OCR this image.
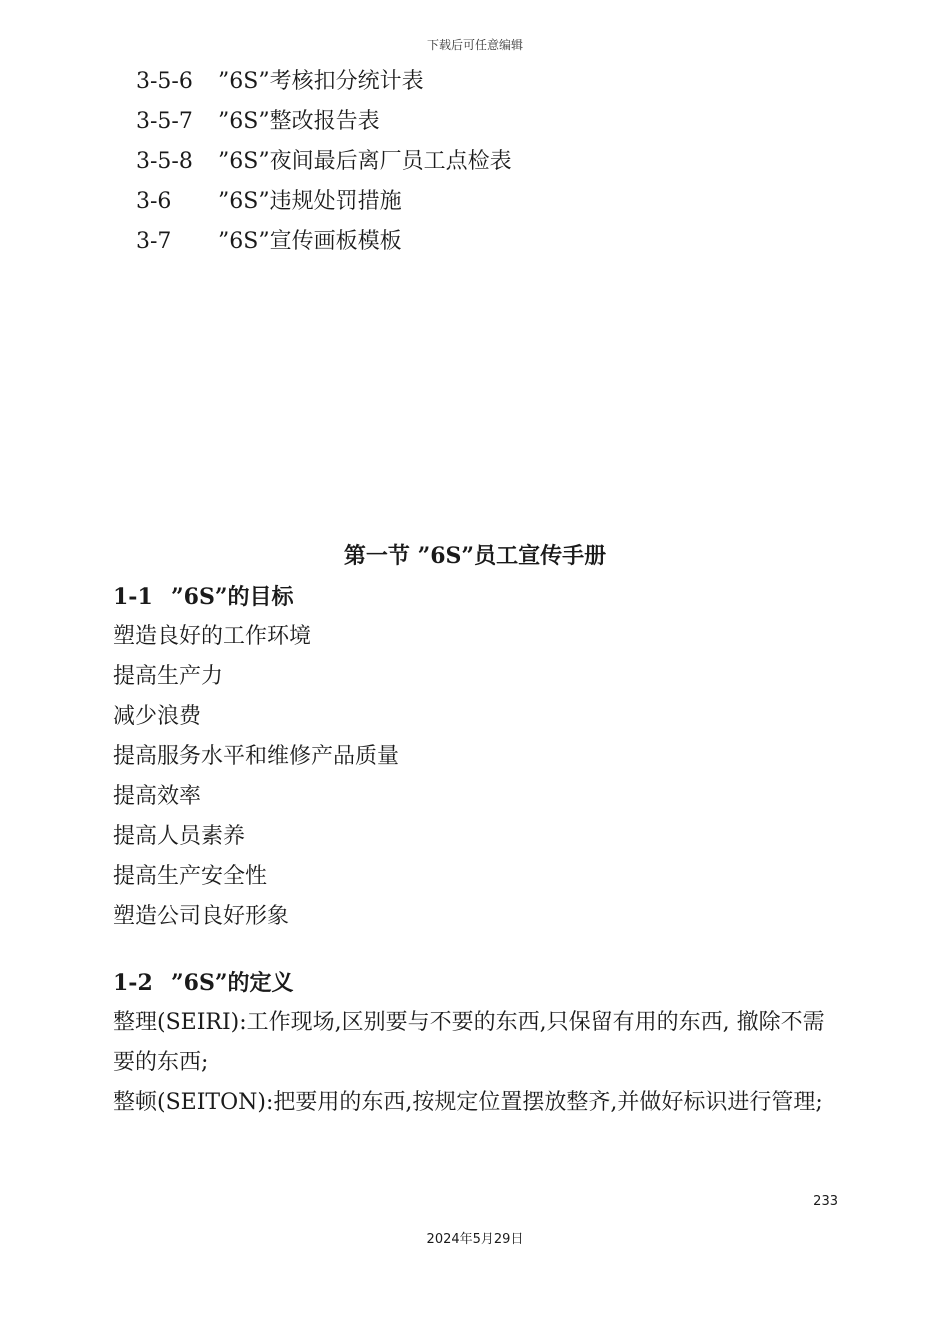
下载后可任意编辑
3-5-6 ”6S”考核扣分统计表
3-5-7 ”6S”整改报告表
3-5-8 ”6S”夜间最后离厂员工点检表
3-6 ”6S”违规处罚措施
3-7 ”6S”宣传画板模板
第一节 ”6S”员工宣传手册
1-1 ”6S”的目标
塑造良好的工作环境
提高生产力
减少浪费
提高服务水平和维修产品质量
提高效率
提高人员素养
提高生产安全性
塑造公司良好形象
1-2 ”6S”的定义

整理(SEIRI):工作现场,区别要与不要的东西,只保留有用的东西, 撤除不需要的东西;

整顿(SEITON):把要用的东西,按规定位置摆放整齐,并做好标识进行管理;

233
2024年5月29日
